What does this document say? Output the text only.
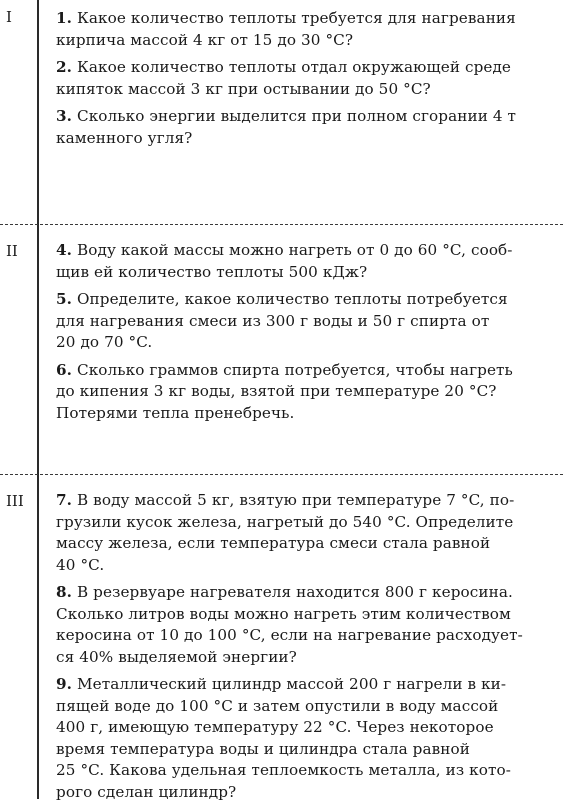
I
II
III
1. Какое количество теплоты требуется для нагревания
кирпича массой 4 кг от 15 до 30 °C?
2. Какое количество теплоты отдал окружающей среде
кипяток массой 3 кг при остывании до 50 °C?
3. Сколько энергии выделится при полном сгорании 4 т
каменного угля?
4. Воду какой массы можно нагреть от 0 до 60 °C, сооб-
щив ей количество теплоты 500 кДж?
5. Определите, какое количество теплоты потребуется
для нагревания смеси из 300 г воды и 50 г спирта от
20 до 70 °C.
6. Сколько граммов спирта потребуется, чтобы нагреть
до кипения 3 кг воды, взятой при температуре 20 °C?
Потерями тепла пренебречь.
7. В воду массой 5 кг, взятую при температуре 7 °C, по-
грузили кусок железа, нагретый до 540 °C. Определите
массу железа, если температура смеси стала равной
40 °C.
8. В резервуаре нагревателя находится 800 г керосина.
Сколько литров воды можно нагреть этим количеством
керосина от 10 до 100 °C, если на нагревание расходует-
ся 40% выделяемой энергии?
9. Металлический цилиндр массой 200 г нагрели в ки-
пящей воде до 100 °C и затем опустили в воду массой
400 г, имеющую температуру 22 °C. Через некоторое
время температура воды и цилиндра стала равной
25 °C. Какова удельная теплоемкость металла, из кото-
рого сделан цилиндр?
